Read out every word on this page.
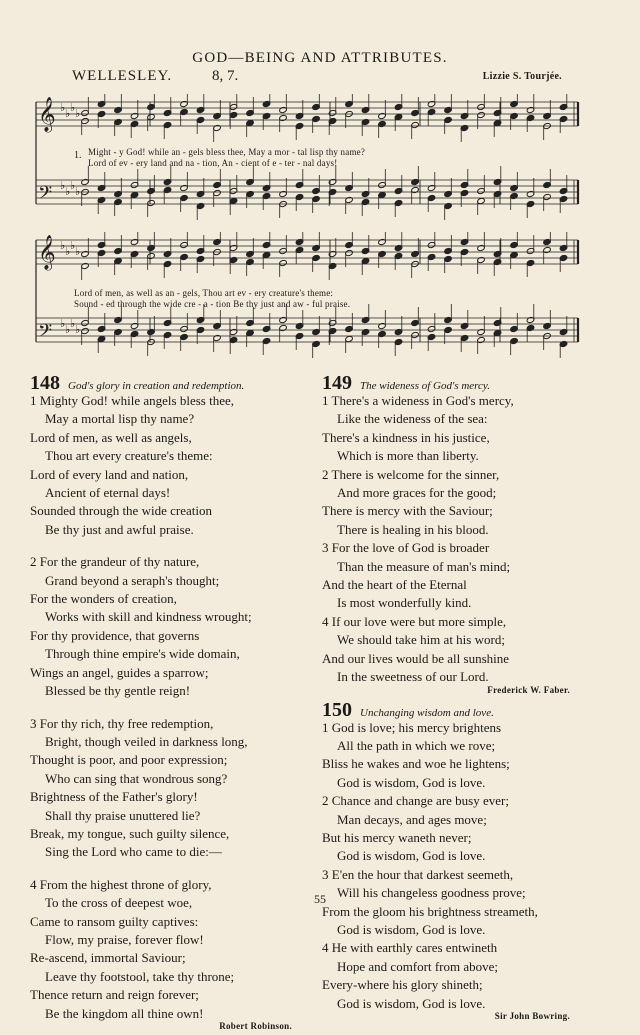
GOD—BEING AND ATTRIBUTES.
WELLESLEY.	8, 7.	Lizzie S. Tourjée.
𝄞 ♭ ♭ ♭ ♭
𝄢 ♭ ♭ ♭ ♭
1. Might - y God! while an - gels bless thee, May a mor - tal lisp thy name?
Lord of ev - ery land and na - tion, An - cient of e - ter - nal days!
𝄞 ♭ ♭ ♭ ♭
𝄢 ♭ ♭ ♭ ♭
Lord of men, as well as an - gels, Thou art ev - ery creature's theme:
Sound - ed through the wide cre - a - tion Be thy just and aw - ful praise.
148 God's glory in creation and redemption.
1 Mighty God! while angels bless thee,
May a mortal lisp thy name?
Lord of men, as well as angels,
Thou art every creature's theme:
Lord of every land and nation,
Ancient of eternal days!
Sounded through the wide creation
Be thy just and awful praise.
2 For the grandeur of thy nature,
Grand beyond a seraph's thought;
For the wonders of creation,
Works with skill and kindness wrought;
For thy providence, that governs
Through thine empire's wide domain,
Wings an angel, guides a sparrow;
Blessed be thy gentle reign!
3 For thy rich, thy free redemption,
Bright, though veiled in darkness long,
Thought is poor, and poor expression;
Who can sing that wondrous song?
Brightness of the Father's glory!
Shall thy praise unuttered lie?
Break, my tongue, such guilty silence,
Sing the Lord who came to die:—
4 From the highest throne of glory,
To the cross of deepest woe,
Came to ransom guilty captives:
Flow, my praise, forever flow!
Re-ascend, immortal Saviour;
Leave thy footstool, take thy throne;
Thence return and reign forever;
Be the kingdom all thine own!
Robert Robinson.
149 The wideness of God's mercy.
1 There's a wideness in God's mercy,
Like the wideness of the sea:
There's a kindness in his justice,
Which is more than liberty.
2 There is welcome for the sinner,
And more graces for the good;
There is mercy with the Saviour;
There is healing in his blood.
3 For the love of God is broader
Than the measure of man's mind;
And the heart of the Eternal
Is most wonderfully kind.
4 If our love were but more simple,
We should take him at his word;
And our lives would be all sunshine
In the sweetness of our Lord.
Frederick W. Faber.
150 Unchanging wisdom and love.
1 God is love; his mercy brightens
All the path in which we rove;
Bliss he wakes and woe he lightens;
God is wisdom, God is love.
2 Chance and change are busy ever;
Man decays, and ages move;
But his mercy waneth never;
God is wisdom, God is love.
3 E'en the hour that darkest seemeth,
Will his changeless goodness prove;
From the gloom his brightness streameth,
God is wisdom, God is love.
4 He with earthly cares entwineth
Hope and comfort from above;
Every-where his glory shineth;
God is wisdom, God is love.
Sir John Bowring.
55
